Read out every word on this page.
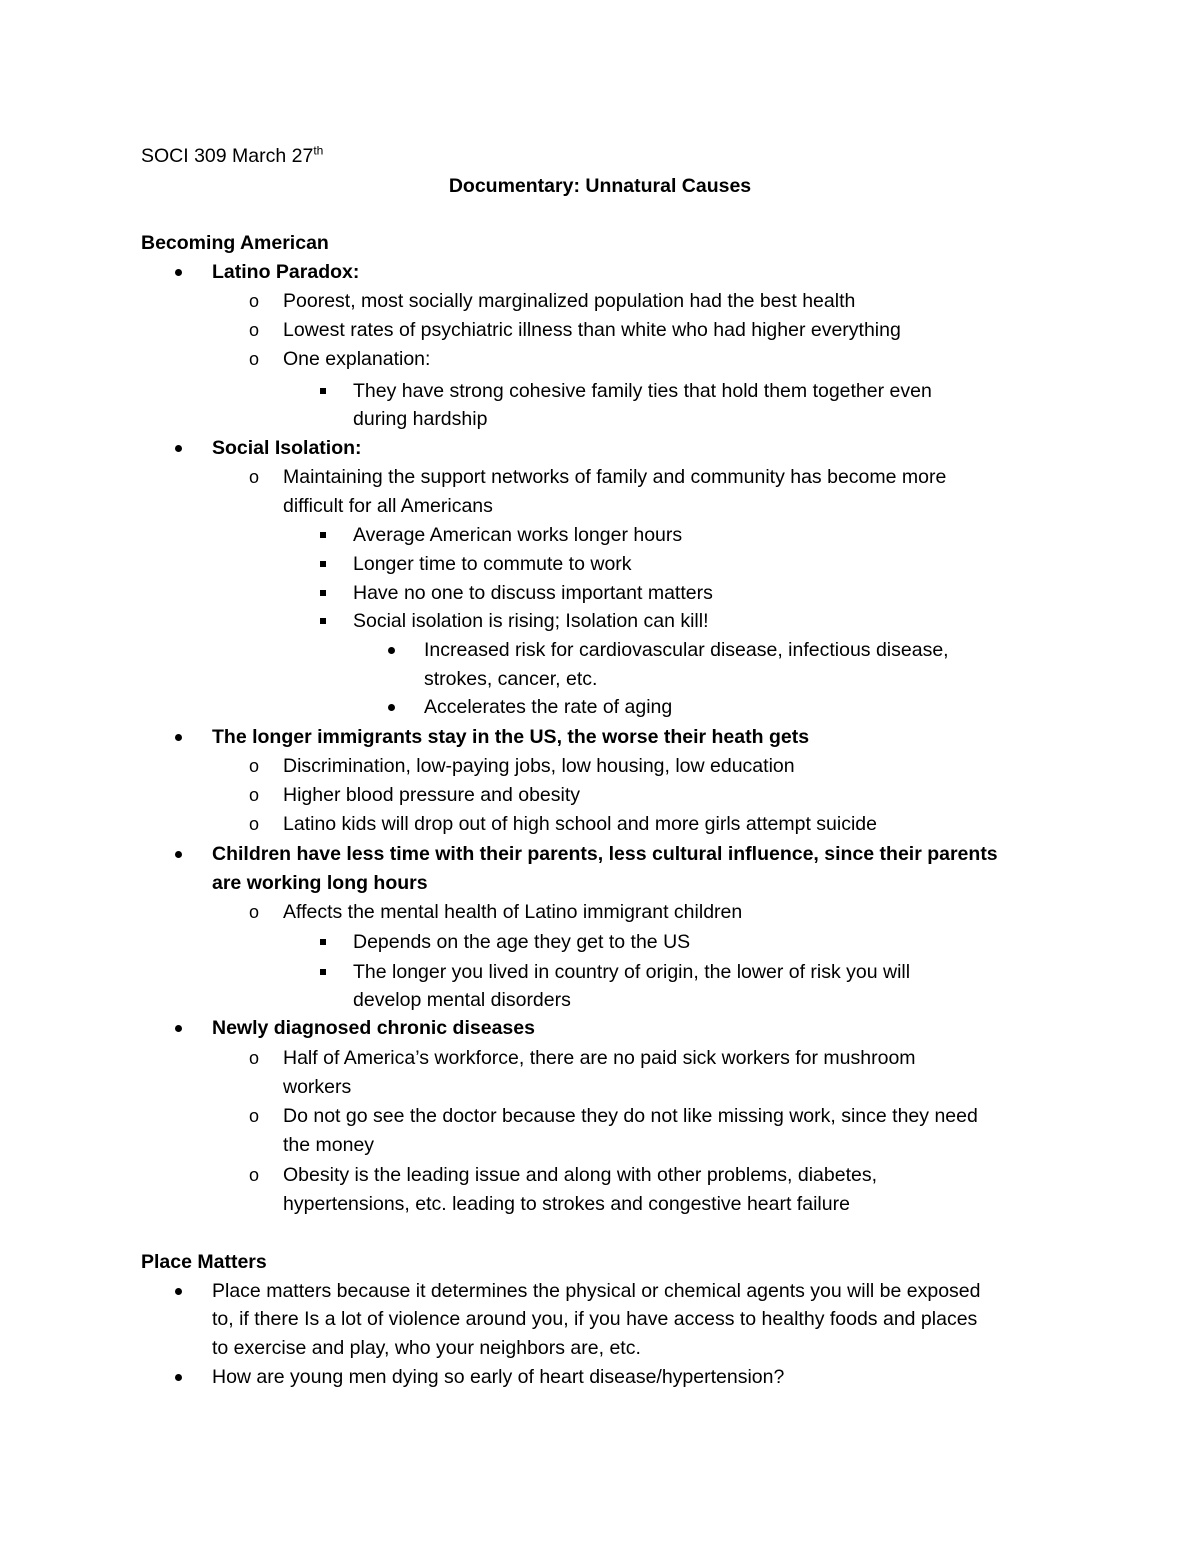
SOCI 309 March 27th
Documentary: Unnatural Causes
Becoming American
Latino Paradox:
o Poorest, most socially marginalized population had the best health
o Lowest rates of psychiatric illness than white who had higher everything
o One explanation:
They have strong cohesive family ties that hold them together even
during hardship
Social Isolation:
o Maintaining the support networks of family and community has become more
difficult for all Americans
Average American works longer hours
Longer time to commute to work
Have no one to discuss important matters
Social isolation is rising; Isolation can kill!
Increased risk for cardiovascular disease, infectious disease,
strokes, cancer, etc.
Accelerates the rate of aging
The longer immigrants stay in the US, the worse their heath gets
o Discrimination, low-paying jobs, low housing, low education
o Higher blood pressure and obesity
o Latino kids will drop out of high school and more girls attempt suicide
Children have less time with their parents, less cultural influence, since their parents
are working long hours
o Affects the mental health of Latino immigrant children
Depends on the age they get to the US
The longer you lived in country of origin, the lower of risk you will
develop mental disorders
Newly diagnosed chronic diseases
o Half of America’s workforce, there are no paid sick workers for mushroom
workers
o Do not go see the doctor because they do not like missing work, since they need
the money
o Obesity is the leading issue and along with other problems, diabetes,
hypertensions, etc. leading to strokes and congestive heart failure
Place Matters
Place matters because it determines the physical or chemical agents you will be exposed
to, if there Is a lot of violence around you, if you have access to healthy foods and places
to exercise and play, who your neighbors are, etc.
How are young men dying so early of heart disease/hypertension?
